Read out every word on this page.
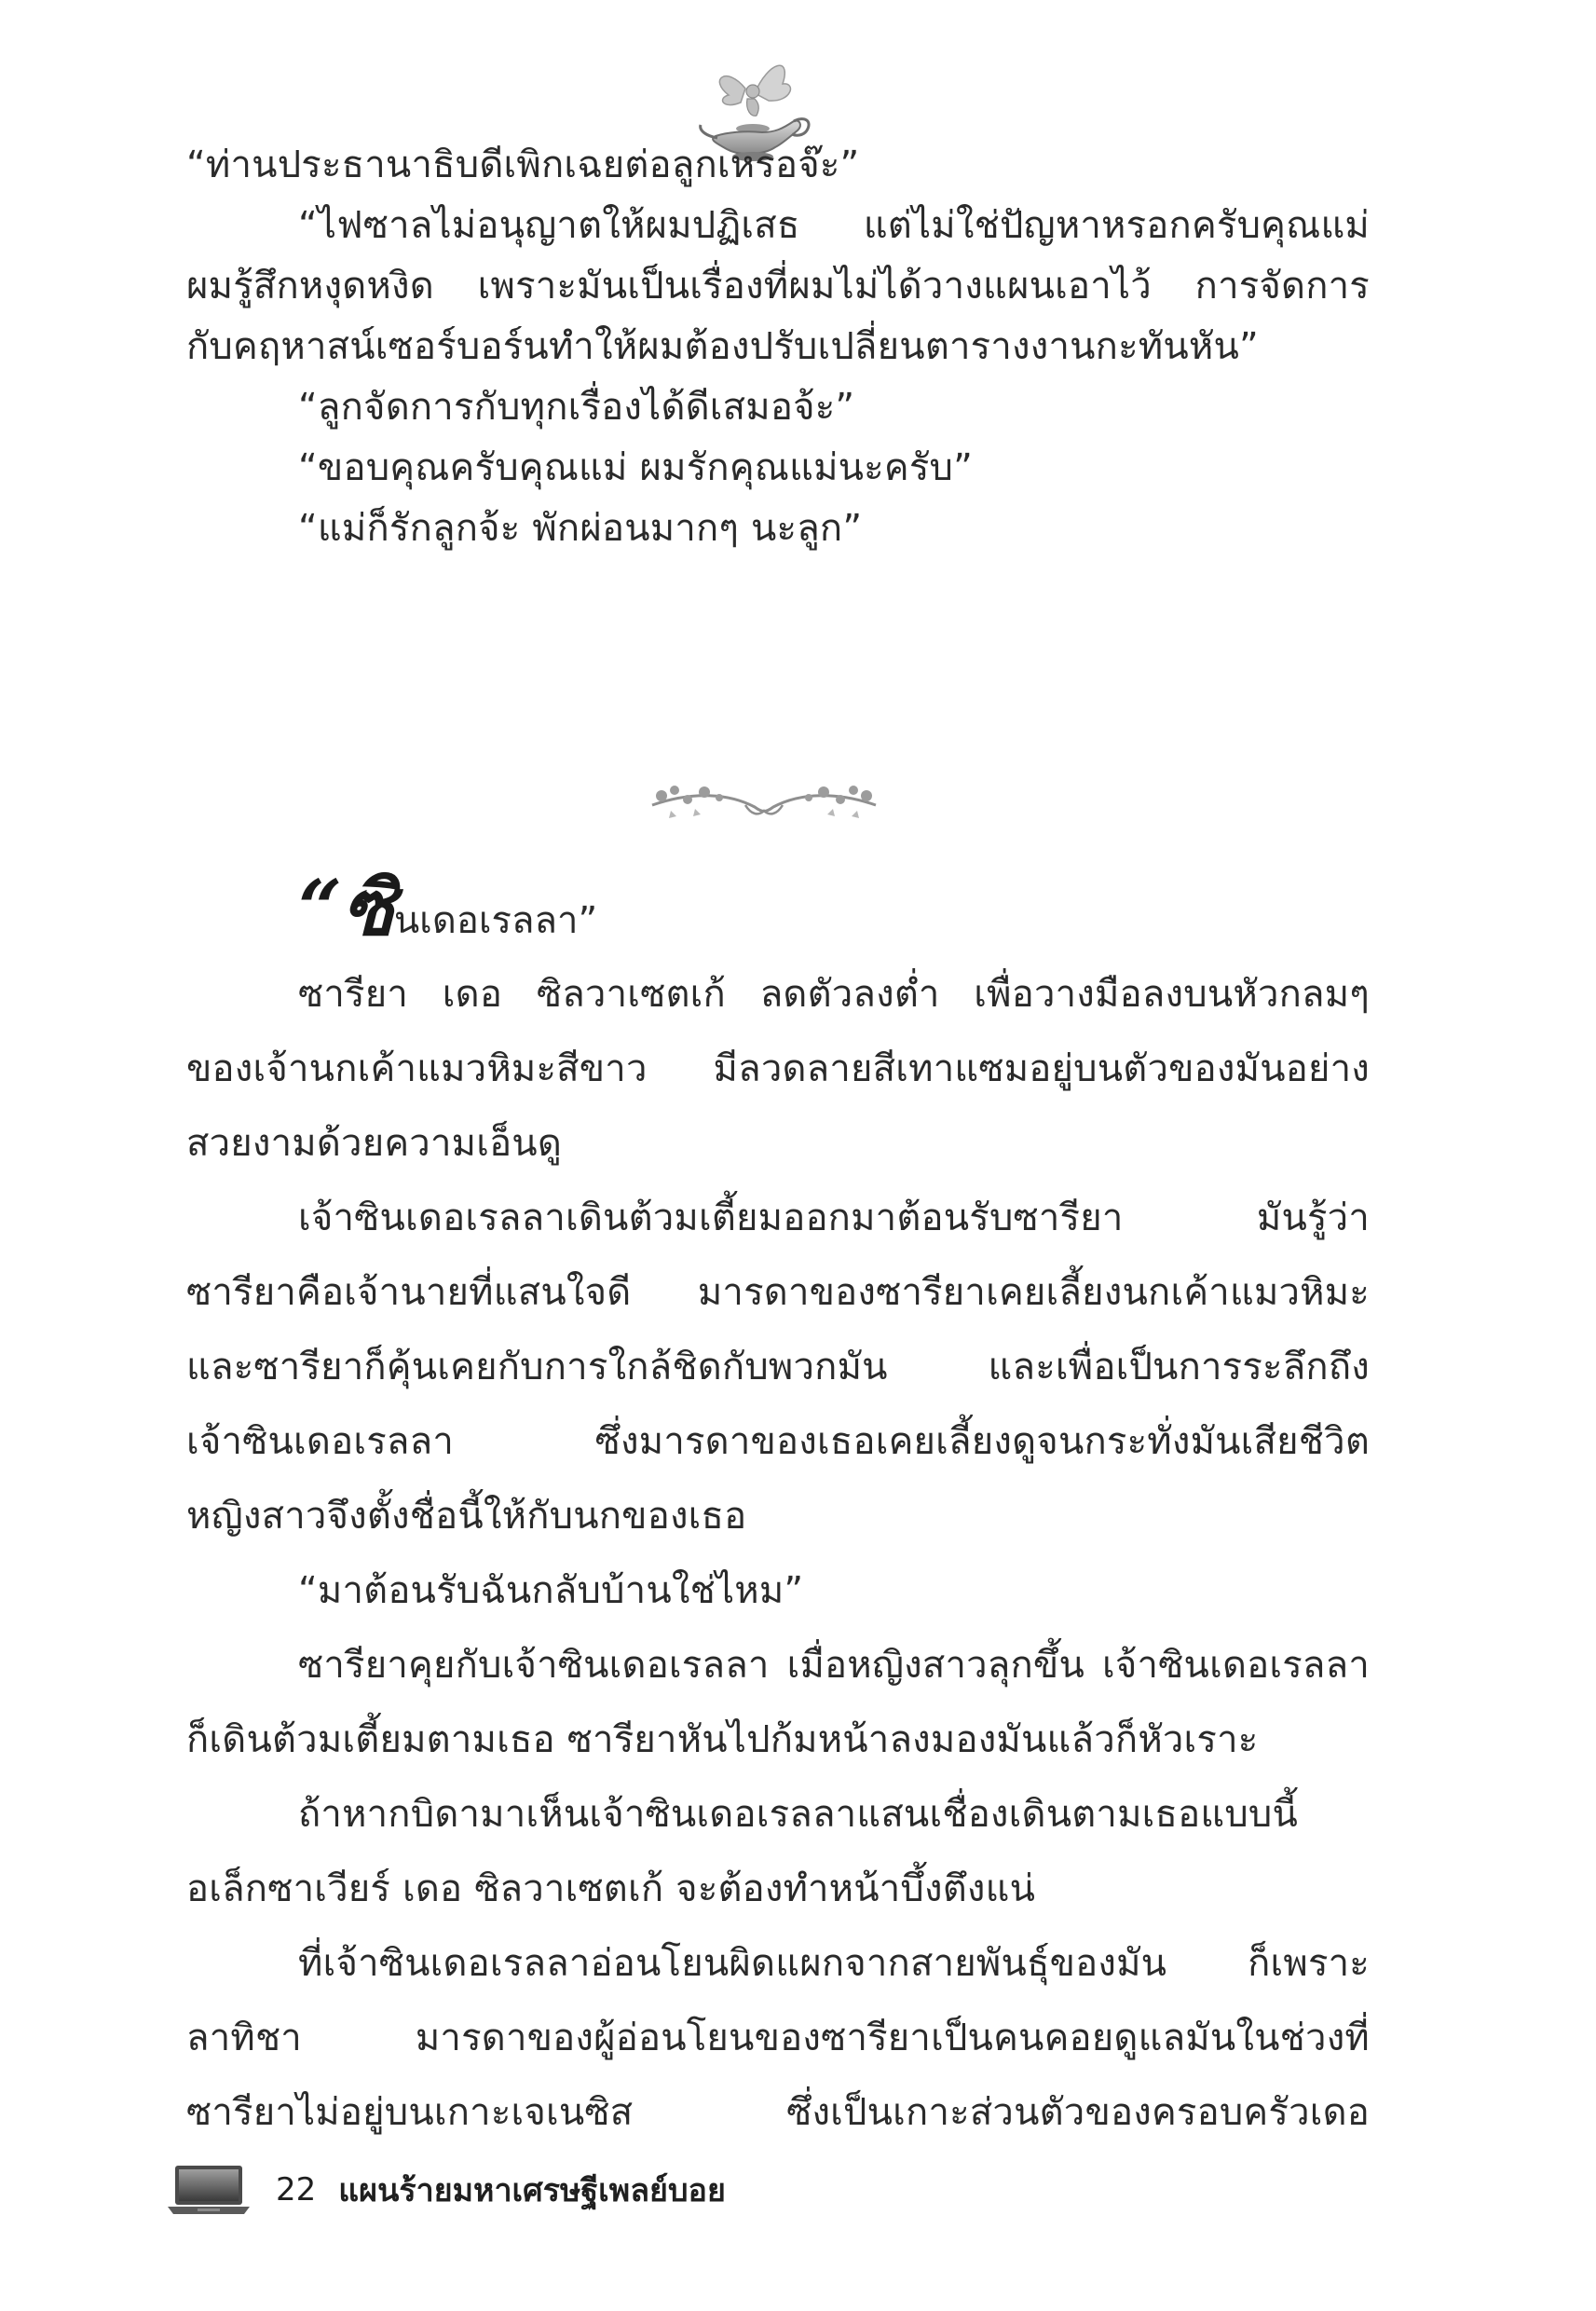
“ท่านประธานาธิบดีเพิกเฉยต่อลูกเหรอจ๊ะ”
“ไฟซาลไม่อนุญาตให้ผมปฏิเสธ แต่ไม่ใช่ปัญหาหรอกครับคุณแม่
ผมรู้สึกหงุดหงิด เพราะมันเป็นเรื่องที่ผมไม่ได้วางแผนเอาไว้ การจัดการ
กับคฤหาสน์เซอร์บอร์นทำให้ผมต้องปรับเปลี่ยนตารางงานกะทันหัน”
“ลูกจัดการกับทุกเรื่องได้ดีเสมอจ้ะ”
“ขอบคุณครับคุณแม่ ผมรักคุณแม่นะครับ”
“แม่ก็รักลูกจ้ะ พักผ่อนมากๆ นะลูก”
“ซินเดอเรลลา”
ซารียา เดอ ซิลวาเซตเก้ ลดตัวลงต่ำ เพื่อวางมือลงบนหัวกลมๆ
ของเจ้านกเค้าแมวหิมะสีขาว มีลวดลายสีเทาแซมอยู่บนตัวของมันอย่าง
สวยงามด้วยความเอ็นดู
เจ้าซินเดอเรลลาเดินต้วมเตี้ยมออกมาต้อนรับซารียา มันรู้ว่า
ซารียาคือเจ้านายที่แสนใจดี มารดาของซารียาเคยเลี้ยงนกเค้าแมวหิมะ
และซารียาก็คุ้นเคยกับการใกล้ชิดกับพวกมัน และเพื่อเป็นการระลึกถึง
เจ้าซินเดอเรลลา ซึ่งมารดาของเธอเคยเลี้ยงดูจนกระทั่งมันเสียชีวิต
หญิงสาวจึงตั้งชื่อนี้ให้กับนกของเธอ
“มาต้อนรับฉันกลับบ้านใช่ไหม”
ซารียาคุยกับเจ้าซินเดอเรลลา เมื่อหญิงสาวลุกขึ้น เจ้าซินเดอเรลลา
ก็เดินต้วมเตี้ยมตามเธอ ซารียาหันไปก้มหน้าลงมองมันแล้วก็หัวเราะ
ถ้าหากบิดามาเห็นเจ้าซินเดอเรลลาแสนเชื่องเดินตามเธอแบบนี้
อเล็กซาเวียร์ เดอ ซิลวาเซตเก้ จะต้องทำหน้าบึ้งตึงแน่
ที่เจ้าซินเดอเรลลาอ่อนโยนผิดแผกจากสายพันธุ์ของมัน ก็เพราะ
ลาทิชา มารดาของผู้อ่อนโยนของซารียาเป็นคนคอยดูแลมันในช่วงที่
ซารียาไม่อยู่บนเกาะเจเนซิส ซึ่งเป็นเกาะส่วนตัวของครอบครัวเดอ
22 แผนร้ายมหาเศรษฐีเพลย์บอย
